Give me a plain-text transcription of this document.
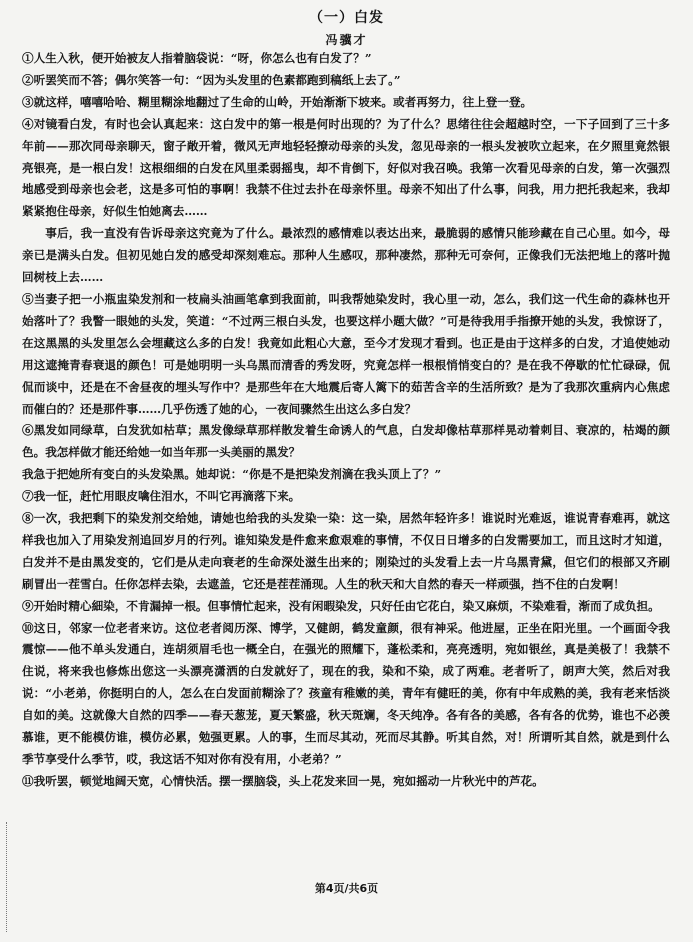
（一）白发
冯骥才

①人生入秋，便开始被友人指着脑袋说：“呀，你怎么也有白发了？”

②听罢笑而不答；偶尔笑答一句：“因为头发里的色素都跑到稿纸上去了。”

③就这样，嘻嘻哈哈、糊里糊涂地翻过了生命的山岭，开始渐渐下坡来。或者再努力，往上登一登。

④对镜看白发，有时也会认真起来：这白发中的第一根是何时出现的？为了什么？思绪往往会超越时空，一下子回到了三十多年前——那次同母亲聊天，窗子敞开着，微风无声地轻轻撩动母亲的头发，忽见母亲的一根头发被吹立起来，在夕照里竟然银亮银亮，是一根白发！这根细细的白发在风里柔弱摇曳，却不肯倒下，好似对我召唤。我第一次看见母亲的白发，第一次强烈地感受到母亲也会老，这是多可怕的事啊！我禁不住过去扑在母亲怀里。母亲不知出了什么事，问我，用力把托我起来，我却紧紧抱住母亲，好似生怕她离去……

事后，我一直没有告诉母亲这究竟为了什么。最浓烈的感情难以表达出来，最脆弱的感情只能珍藏在自己心里。如今，母亲已是满头白发。但初见她白发的感受却深刻难忘。那种人生感叹，那种凄然，那种无可奈何，正像我们无法把地上的落叶抛回树枝上去……

⑤当妻子把一小瓶盅染发剂和一枝扁头油画笔拿到我面前，叫我帮她染发时，我心里一动，怎么，我们这一代生命的森林也开始落叶了？我瞥一眼她的头发，笑道：“不过两三根白头发，也要这样小题大做？”可是待我用手指撩开她的头发，我惊讶了，在这黑黑的头发里怎么会埋藏这么多的白发！我竟如此粗心大意，至今才发现才看到。也正是由于这样多的白发，才追使她动用这遮掩青春衰退的颜色！可是她明明一头乌黑而清香的秀发呀，究竟怎样一根根悄悄变白的？是在我不停歇的忙忙碌碌，侃侃而谈中，还是在不舍昼夜的埋头写作中？是那些年在大地震后寄人篱下的茹苦含辛的生活所致？是为了我那次重病内心焦虑而催白的？还是那件事……几乎伤透了她的心，一夜间骤然生出这么多白发？

⑥黑发如同绿草，白发犹如枯草；黑发像绿草那样散发着生命诱人的气息，白发却像枯草那样晃动着刺目、衰凉的，枯竭的颜色。我怎样做才能还给她一如当年那一头美丽的黑发？

我急于把她所有变白的头发染黑。她却说：“你是不是把染发剂滴在我头顶上了？”

⑦我一怔，赶忙用眼皮噙住泪水，不叫它再滴落下来。

⑧一次，我把剩下的染发剂交给她，请她也给我的头发染一染：这一染，居然年轻许多！谁说时光难返，谁说青春难再，就这样我也加入了用染发剂追回岁月的行列。谁知染发是件愈来愈艰难的事情，不仅日日增多的白发需要加工，而且这时才知道，白发并不是由黑发变的，它们是从走向衰老的生命深处滋生出来的；刚染过的头发看上去一片乌黑青黛，但它们的根部又齐刷刷冒出一茬雪白。任你怎样去染，去遮盖，它还是茬茬涌现。人生的秋天和大自然的春天一样顽强，挡不住的白发啊！

⑨开始时精心細染，不肯漏掉一根。但事情忙起来，没有闲暇染发，只好任由它花白，染又麻烦，不染难看，渐而了成负担。

⑩这日，邻家一位老者来访。这位老者阅历深、博学，又健朗，鹤发童颜，很有神采。他进屋，正坐在阳光里。一个画面令我震惊——他不单头发通白，连胡须眉毛也一概全白，在强光的照耀下，蓬松柔和，亮亮透明，宛如银丝，真是美极了！我禁不住说，将来我也修炼出您这一头漂亮潇洒的白发就好了，现在的我，染和不染，成了两难。老者听了，朗声大笑，然后对我说：“小老弟，你挺明白的人，怎么在白发面前糊涂了？孩童有稚嫩的美，青年有健旺的美，你有中年成熟的美，我有老来恬淡自如的美。这就像大自然的四季——春天葱茏，夏天繁盛，秋天斑斓，冬天纯净。各有各的美感，各有各的优势，谁也不必羡慕谁，更不能模仿谁，模仿必累，勉强更累。人的事，生而尽其动，死而尽其静。听其自然，对！所谓听其自然，就是到什么季节享受什么季节，哎，我这话不知对你有没有用，小老弟？”

⑪我听罢，顿觉地阔天宽，心情快活。摆一摆脑袋，头上花发来回一晃，宛如摇动一片秋光中的芦花。

第4页/共6页
